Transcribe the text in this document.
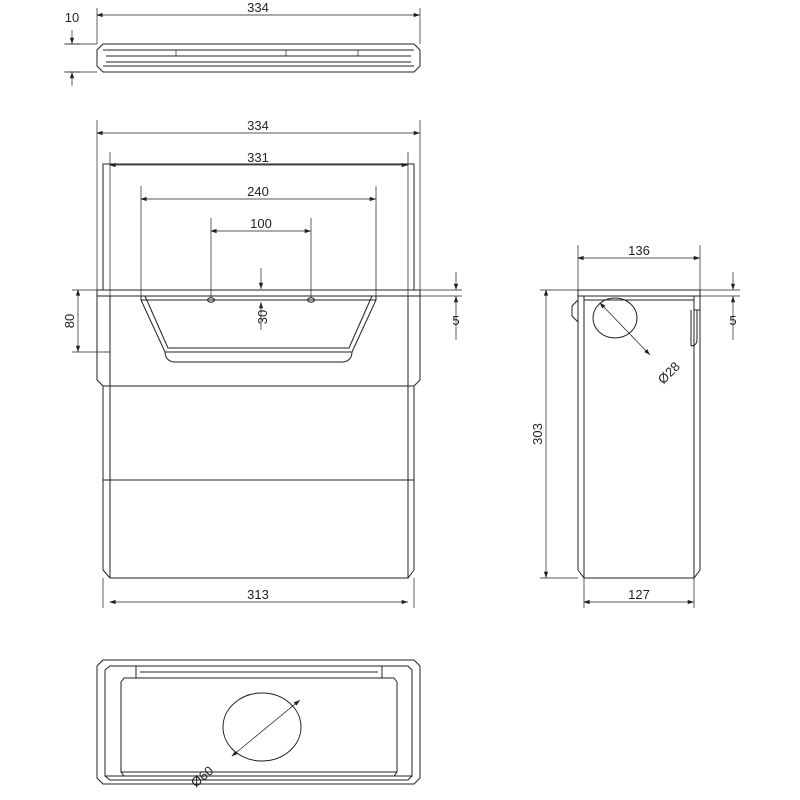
334
10
334
331
240
100
30
80	5
313
136
5
Ø28
303
127
Ø60
